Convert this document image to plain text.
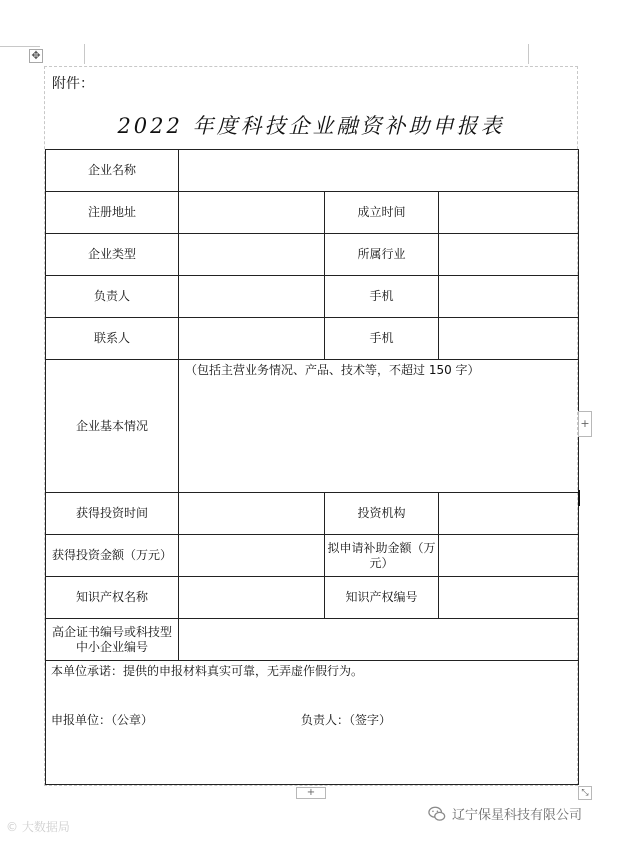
✥
附件：
2022 年度科技企业融资补助申报表
企业名称			
注册地址		成立时间	
企业类型		所属行业	
负责人		手机	
联系人		手机	
企业基本情况	（包括主营业务情况、产品、技术等，不超过 150 字）		
获得投资时间		投资机构	
获得投资金额（万元）		拟申请补助金额（万元）	
知识产权名称		知识产权编号	
高企证书编号或科技型中小企业编号			

本单位承诺：提供的申报材料真实可靠，无弄虚作假行为。
申报单位：（公章） 负责人：（签字）			
+
+	⤡
© 大数据局
辽宁保星科技有限公司
